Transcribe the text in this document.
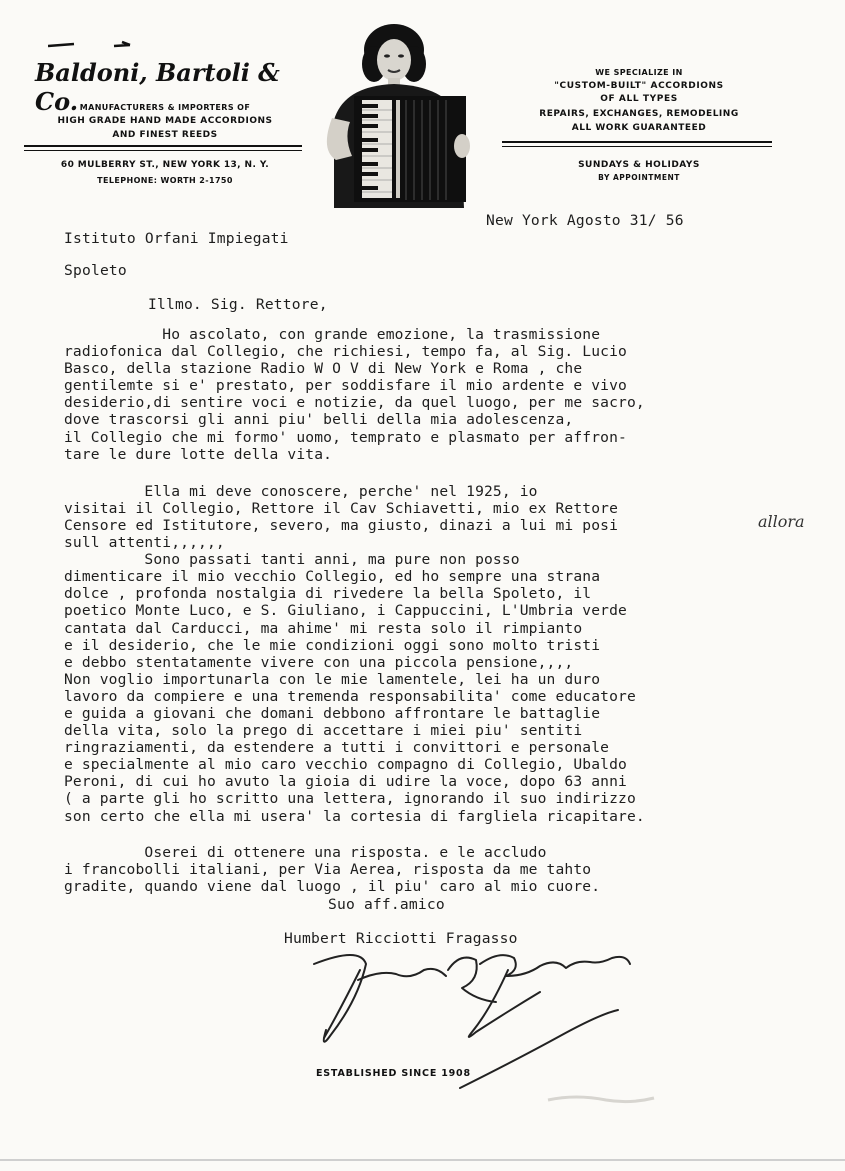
Baldoni, Bartoli & Co. MANUFACTURERS & IMPORTERS OF
HIGH GRADE HAND MADE ACCORDIONS
AND FINEST REEDS
60 MULBERRY ST., NEW YORK 13, N. Y.
TELEPHONE: WORTH 2-1750
WE SPECIALIZE IN
"CUSTOM-BUILT" ACCORDIONS
OF ALL TYPES
REPAIRS, EXCHANGES, REMODELING
ALL WORK GUARANTEED
SUNDAYS & HOLIDAYS
BY APPOINTMENT
New York Agosto 31/ 56
Istituto Orfani Impiegati
Spoleto
Illmo. Sig. Rettore,
Ho ascolato, con grande emozione, la trasmissione
radiofonica dal Collegio, che richiesi, tempo fa, al Sig. Lucio
Basco, della stazione Radio W O V di New York e Roma , che
gentilemte si e' prestato, per soddisfare il mio ardente e vivo
desiderio,di sentire voci e notizie, da quel luogo, per me sacro,
dove trascorsi gli anni piu' belli della mia adolescenza,
il Collegio che mi formo' uomo, temprato e plasmato per affron-
tare le dure lotte della vita.
Ella mi deve conoscere, perche' nel 1925, io
visitai il Collegio, Rettore il Cav Schiavetti, mio ex Rettore
Censore ed Istitutore, severo, ma giusto, dinazi a lui mi posi
sull attenti,,,,,,
Sono passati tanti anni, ma pure non posso
dimenticare il mio vecchio Collegio, ed ho sempre una strana
dolce , profonda nostalgia di rivedere la bella Spoleto, il
poetico Monte Luco, e S. Giuliano, i Cappuccini, L'Umbria verde
cantata dal Carducci, ma ahime' mi resta solo il rimpianto
e il desiderio, che le mie condizioni oggi sono molto tristi
e debbo stentatamente vivere con una piccola pensione,,,,
Non voglio importunarla con le mie lamentele, lei ha un duro
lavoro da compiere e una tremenda responsabilita' come educatore
e guida a giovani che domani debbono affrontare le battaglie
della vita, solo la prego di accettare i miei piu' sentiti
ringraziamenti, da estendere a tutti i convittori e personale
e specialmente al mio caro vecchio compagno di Collegio, Ubaldo
Peroni, di cui ho avuto la gioia di udire la voce, dopo 63 anni
( a parte gli ho scritto una lettera, ignorando il suo indirizzo
son certo che ella mi usera' la cortesia di fargliela ricapitare.
Oserei di ottenere una risposta. e le accludo
i francobolli italiani, per Via Aerea, risposta da me tahto
gradite, quando viene dal luogo , il piu' caro al mio cuore.
allora
Suo aff.amico
Humbert Ricciotti Fragasso
ESTABLISHED SINCE 1908
